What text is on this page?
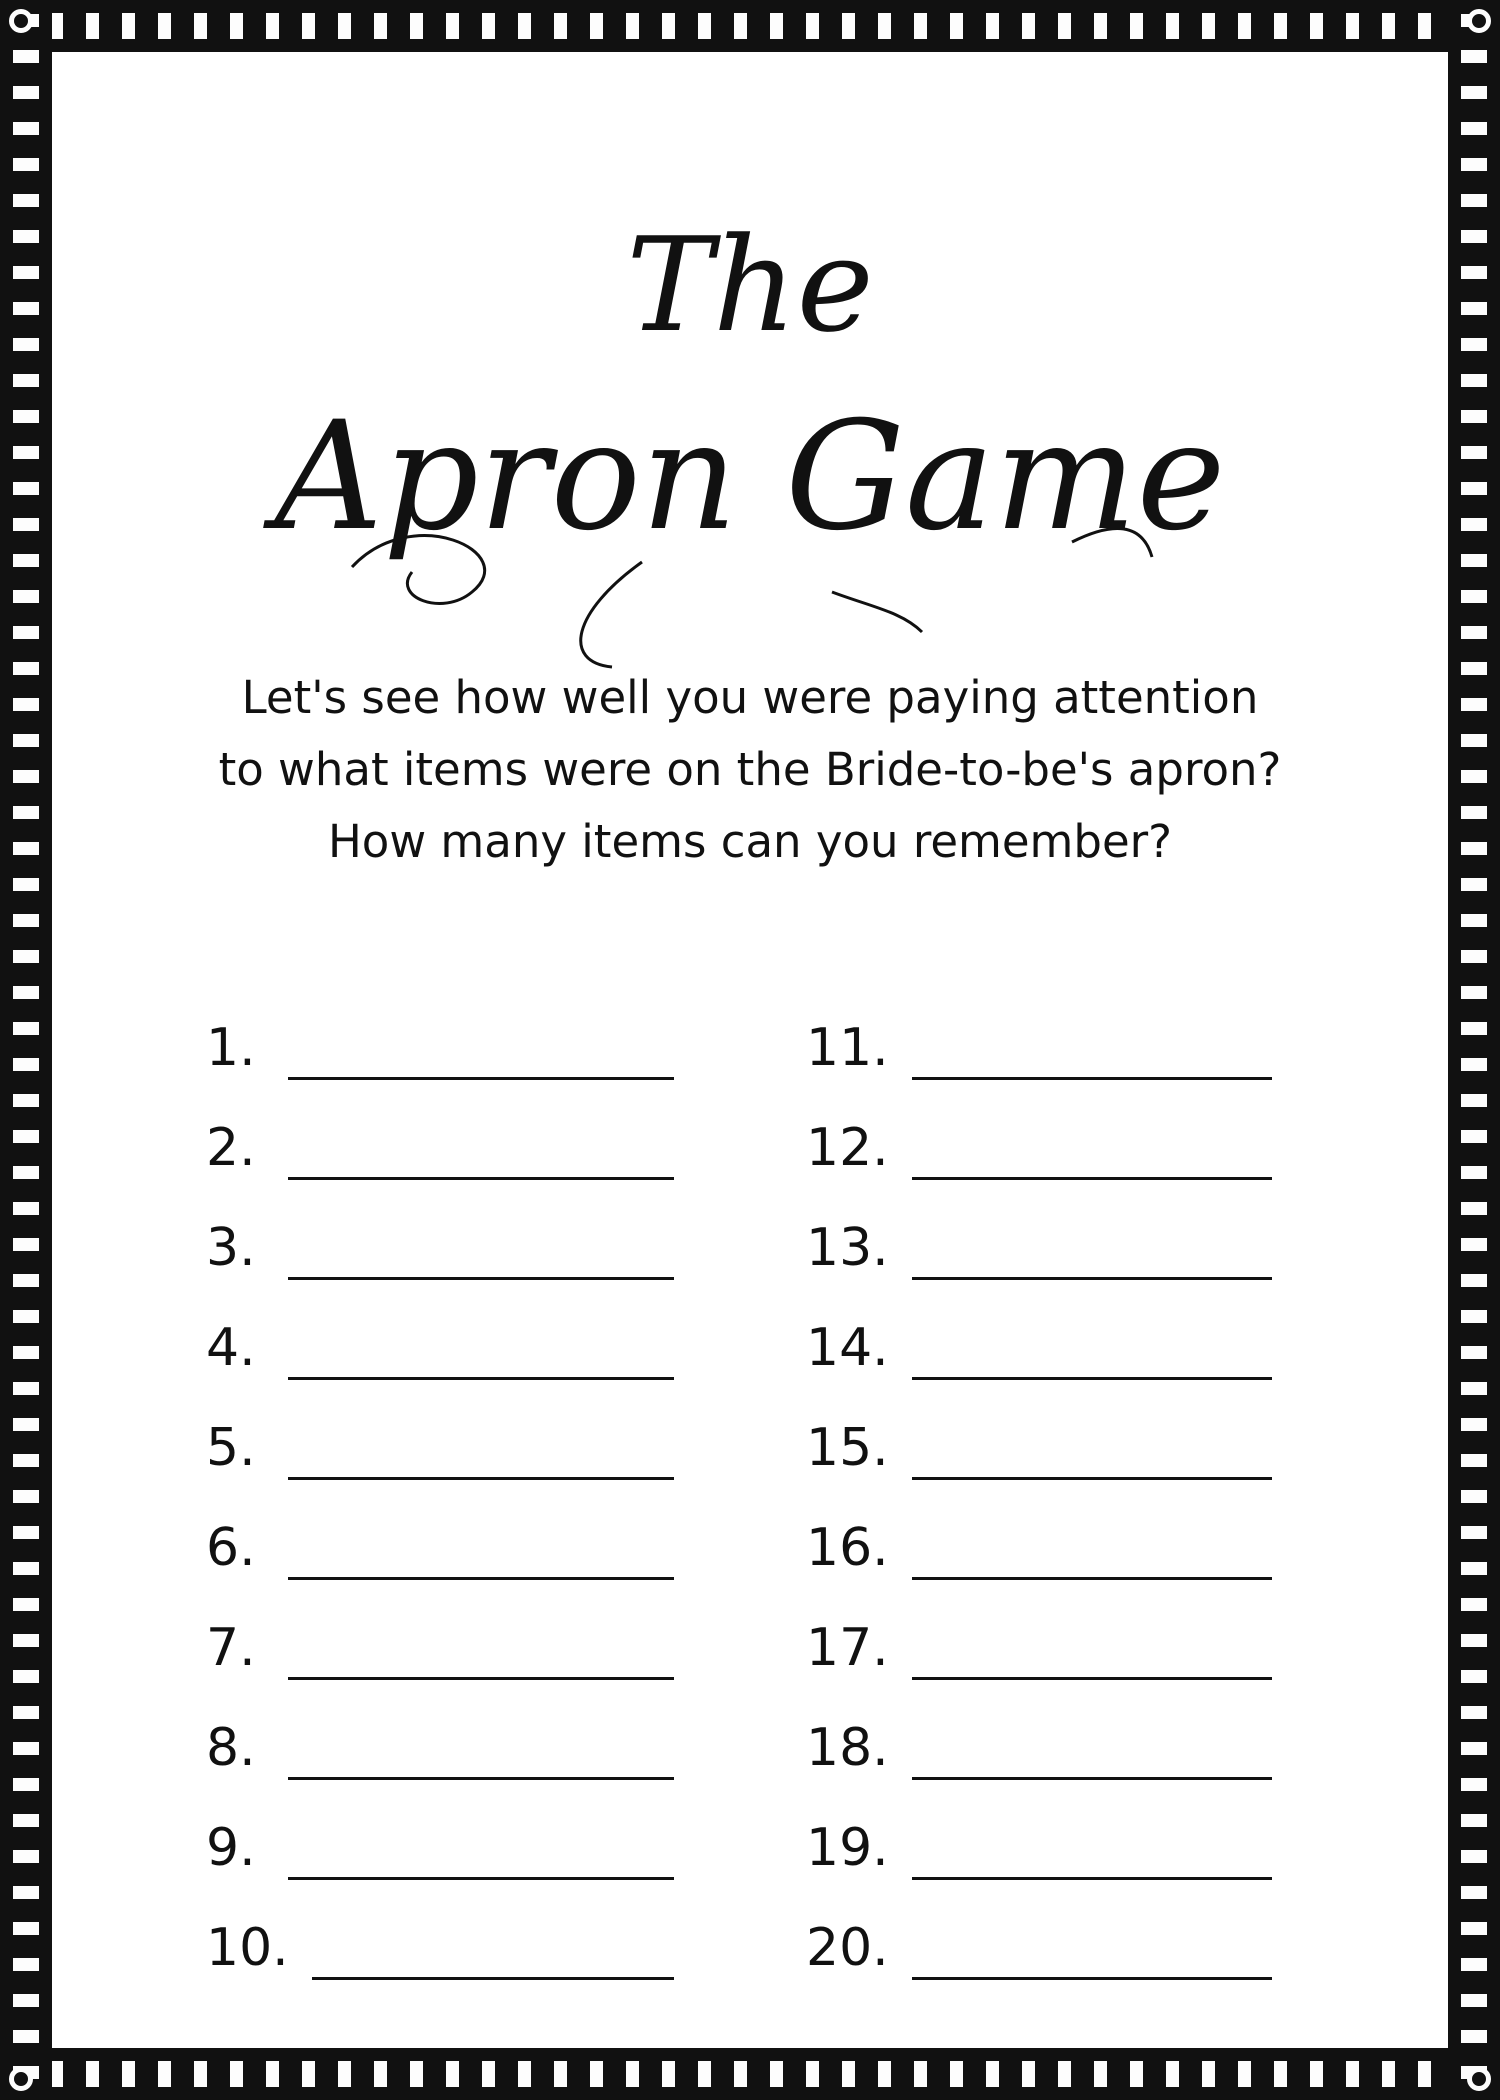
The
Apron Game
Let's see how well you were paying attention
to what items were on the Bride-to-be's apron?
How many items can you remember?
1.
2.
3.
4.
5.
6.
7.
8.
9.
10.
11.
12.
13.
14.
15.
16.
17.
18.
19.
20.
